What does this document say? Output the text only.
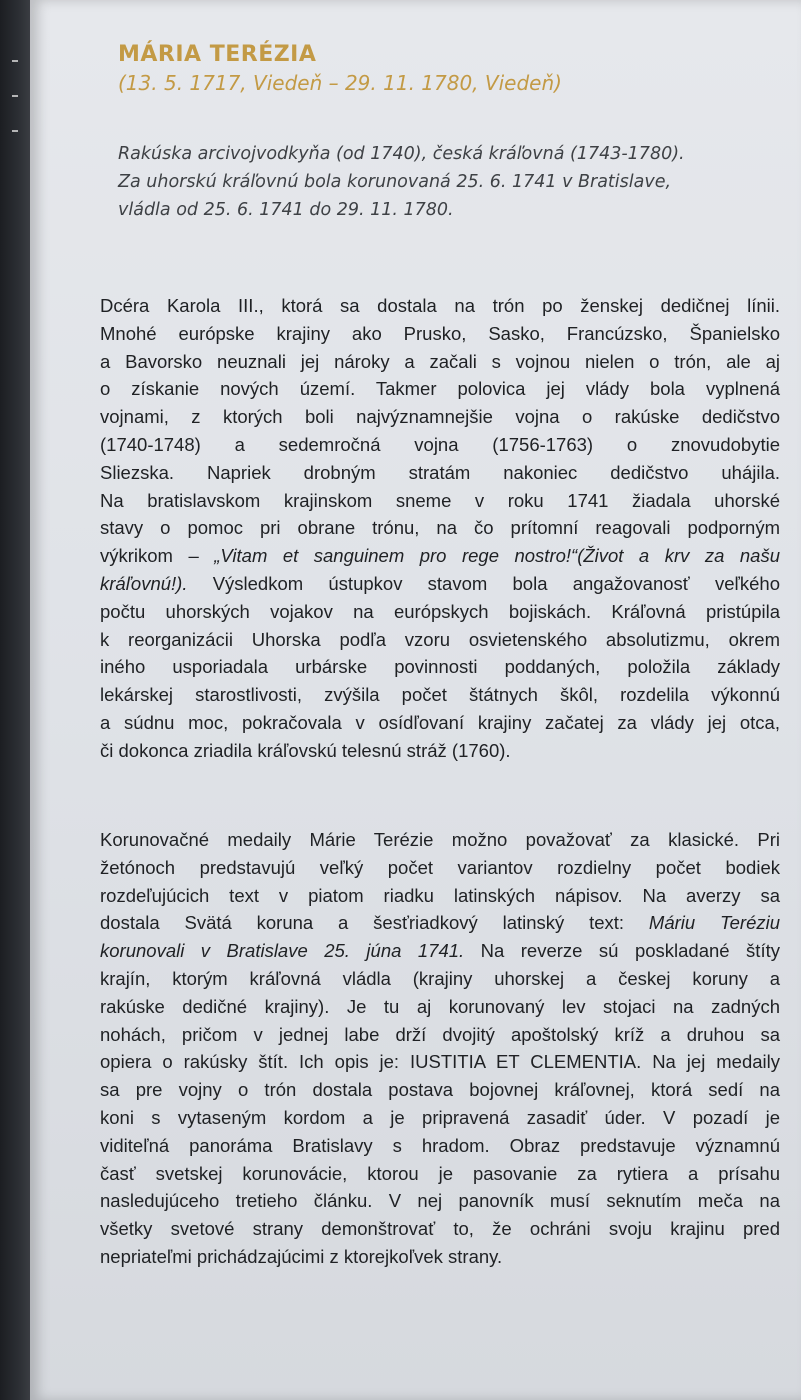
MÁRIA TERÉZIA
(13. 5. 1717, Viedeň – 29. 11. 1780, Viedeň)
Rakúska arcivojvodkyňa (od 1740), česká kráľovná (1743-1780).
Za uhorskú kráľovnú bola korunovaná 25. 6. 1741 v Bratislave,
vládla od 25. 6. 1741 do 29. 11. 1780.
Dcéra Karola III., ktorá sa dostala na trón po ženskej dedičnej línii.
Mnohé európske krajiny ako Prusko, Sasko, Francúzsko, Španielsko
a Bavorsko neuznali jej nároky a začali s vojnou nielen o trón, ale aj
o získanie nových území. Takmer polovica jej vlády bola vyplnená
vojnami, z ktorých boli najvýznamnejšie vojna o rakúske dedičstvo
(1740-1748) a sedemročná vojna (1756-1763) o znovudobytie
Sliezska. Napriek drobným stratám nakoniec dedičstvo uhájila.
Na bratislavskom krajinskom sneme v roku 1741 žiadala uhorské
stavy o pomoc pri obrane trónu, na čo prítomní reagovali podporným
výkrikom – „Vitam et sanguinem pro rege nostro!“(Život a krv za našu
kráľovnú!). Výsledkom ústupkov stavom bola angažovanosť veľkého
počtu uhorských vojakov na európskych bojiskách. Kráľovná pristúpila
k reorganizácii Uhorska podľa vzoru osvietenského absolutizmu, okrem
iného usporiadala urbárske povinnosti poddaných, položila základy
lekárskej starostlivosti, zvýšila počet štátnych škôl, rozdelila výkonnú
a súdnu moc, pokračovala v osídľovaní krajiny začatej za vlády jej otca,
či dokonca zriadila kráľovskú telesnú stráž (1760).
Korunovačné medaily Márie Terézie možno považovať za klasické. Pri
žetónoch predstavujú veľký počet variantov rozdielny počet bodiek
rozdeľujúcich text v piatom riadku latinských nápisov. Na averzy sa
dostala Svätá koruna a šesťriadkový latinský text: Máriu Teréziu
korunovali v Bratislave 25. júna 1741. Na reverze sú poskladané štíty
krajín, ktorým kráľovná vládla (krajiny uhorskej a českej koruny a
rakúske dedičné krajiny). Je tu aj korunovaný lev stojaci na zadných
nohách, pričom v jednej labe drží dvojitý apoštolský kríž a druhou sa
opiera o rakúsky štít. Ich opis je: IUSTITIA ET CLEMENTIA. Na jej medaily
sa pre vojny o trón dostala postava bojovnej kráľovnej, ktorá sedí na
koni s vytaseným kordom a je pripravená zasadiť úder. V pozadí je
viditeľná panoráma Bratislavy s hradom. Obraz predstavuje významnú
časť svetskej korunovácie, ktorou je pasovanie za rytiera a prísahu
nasledujúceho tretieho článku. V nej panovník musí seknutím meča na
všetky svetové strany demonštrovať to, že ochráni svoju krajinu pred
nepriateľmi prichádzajúcimi z ktorejkoľvek strany.
